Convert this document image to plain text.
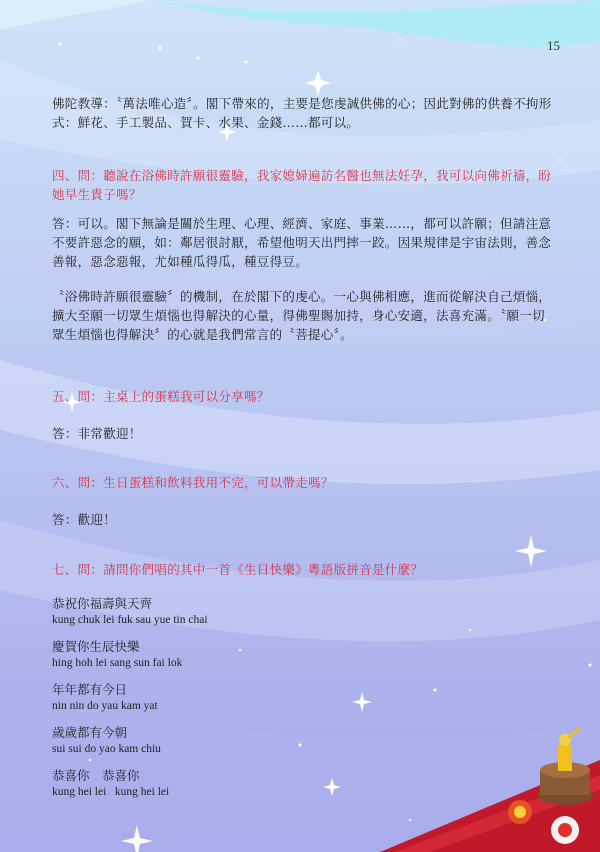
15
佛陀教導：〝萬法唯心造〞。閣下帶來的，主要是您虔誠供佛的心；因此對佛的供養不拘形式：鮮花、手工製品、賀卡、水果、金錢……都可以。
四、問：聽說在浴佛時許願很靈驗，我家媳婦遍訪名醫也無法妊孕，我可以向佛祈禱，盼她早生貴子嗎？
答：可以。閣下無論是關於生理、心理、經濟、家庭、事業……，都可以許願；但請注意不要許惡念的願，如：鄰居很討厭，希望他明天出門摔一跤。因果規律是宇宙法則，善念善報，惡念惡報，尤如種瓜得瓜，種豆得豆。
〝浴佛時許願很靈驗〞的機制，在於閣下的虔心。一心與佛相應，進而從解決自己煩惱，擴大至願一切眾生煩惱也得解決的心量，得佛聖賜加持，身心安適，法喜充滿。〝願一切眾生煩惱也得解決〞的心就是我們常言的〝菩提心〞。
五、問：主桌上的蛋糕我可以分享嗎？
答：非常歡迎！
六、問：生日蛋糕和飲料我用不完，可以帶走嗎？
答：歡迎！
七、問：請問你們唱的其中一首《生日快樂》粵語版拼音是什麼？
恭祝你福壽與天齊
kung chuk lei fuk sau yue tin chai
慶賀你生辰快樂
hing hoh lei sang sun fai lok
年年都有今日
nin nin do yau kam yat
歲歲都有今朝
sui sui do yao kam chiu
恭喜你　恭喜你
kung hei lei   kung hei lei
